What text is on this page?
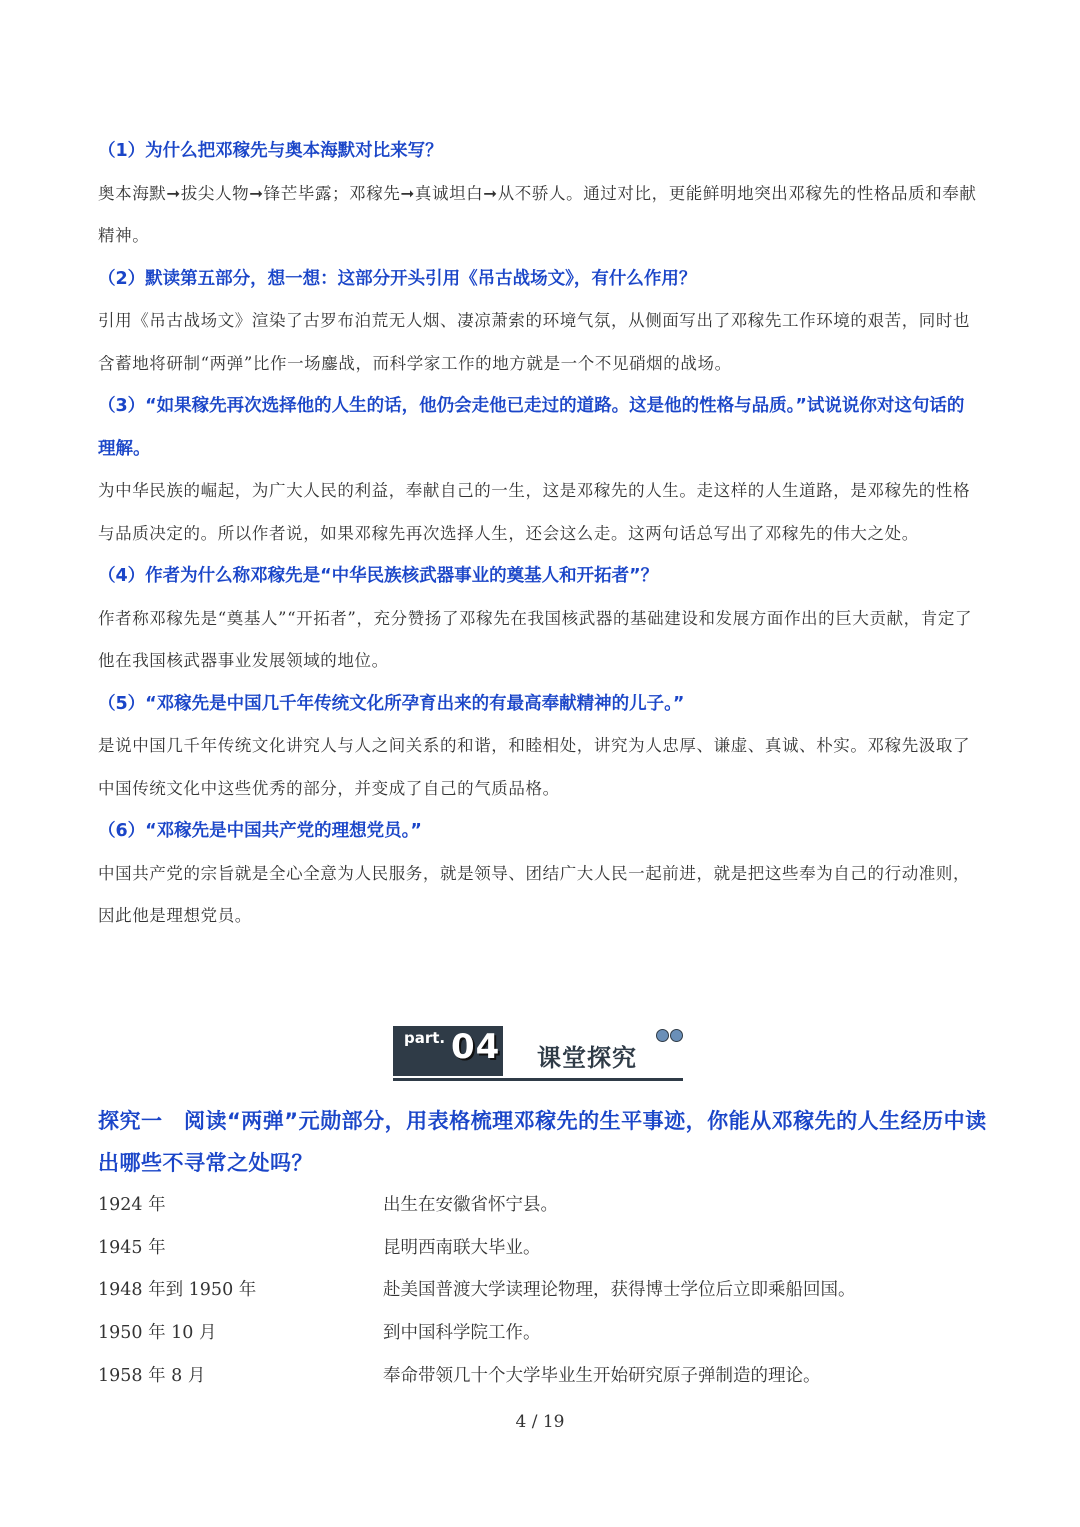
（1）为什么把邓稼先与奥本海默对比来写？

奥本海默➞拔尖人物➞锋芒毕露；邓稼先➞真诚坦白➞从不骄人。通过对比，更能鲜明地突出邓稼先的性格品质和奉献精神。

（2）默读第五部分，想一想：这部分开头引用《吊古战场文》，有什么作用？

引用《吊古战场文》渲染了古罗布泊荒无人烟、凄凉萧索的环境气氛，从侧面写出了邓稼先工作环境的艰苦，同时也含蓄地将研制“两弹”比作一场鏖战，而科学家工作的地方就是一个不见硝烟的战场。

（3）“如果稼先再次选择他的人生的话，他仍会走他已走过的道路。这是他的性格与品质。”试说说你对这句话的理解。

为中华民族的崛起，为广大人民的利益，奉献自己的一生，这是邓稼先的人生。走这样的人生道路，是邓稼先的性格与品质决定的。所以作者说，如果邓稼先再次选择人生，还会这么走。这两句话总写出了邓稼先的伟大之处。

（4）作者为什么称邓稼先是“中华民族核武器事业的奠基人和开拓者”？

作者称邓稼先是“奠基人”“开拓者”，充分赞扬了邓稼先在我国核武器的基础建设和发展方面作出的巨大贡献，肯定了他在我国核武器事业发展领域的地位。

（5）“邓稼先是中国几千年传统文化所孕育出来的有最高奉献精神的儿子。”

是说中国几千年传统文化讲究人与人之间关系的和谐，和睦相处，讲究为人忠厚、谦虚、真诚、朴实。邓稼先汲取了中国传统文化中这些优秀的部分，并变成了自己的气质品格。

（6）“邓稼先是中国共产党的理想党员。”

中国共产党的宗旨就是全心全意为人民服务，就是领导、团结广大人民一起前进，就是把这些奉为自己的行动准则，因此他是理想党员。

part. 04 课堂探究

探究一　阅读“两弹”元勋部分，用表格梳理邓稼先的生平事迹，你能从邓稼先的人生经历中读出哪些不寻常之处吗？

1924 年	出生在安徽省怀宁县。
1945 年	昆明西南联大毕业。
1948 年到 1950 年	赴美国普渡大学读理论物理，获得博士学位后立即乘船回国。
1950 年 10 月	到中国科学院工作。
1958 年 8 月	奉命带领几十个大学毕业生开始研究原子弹制造的理论。
4 / 19
